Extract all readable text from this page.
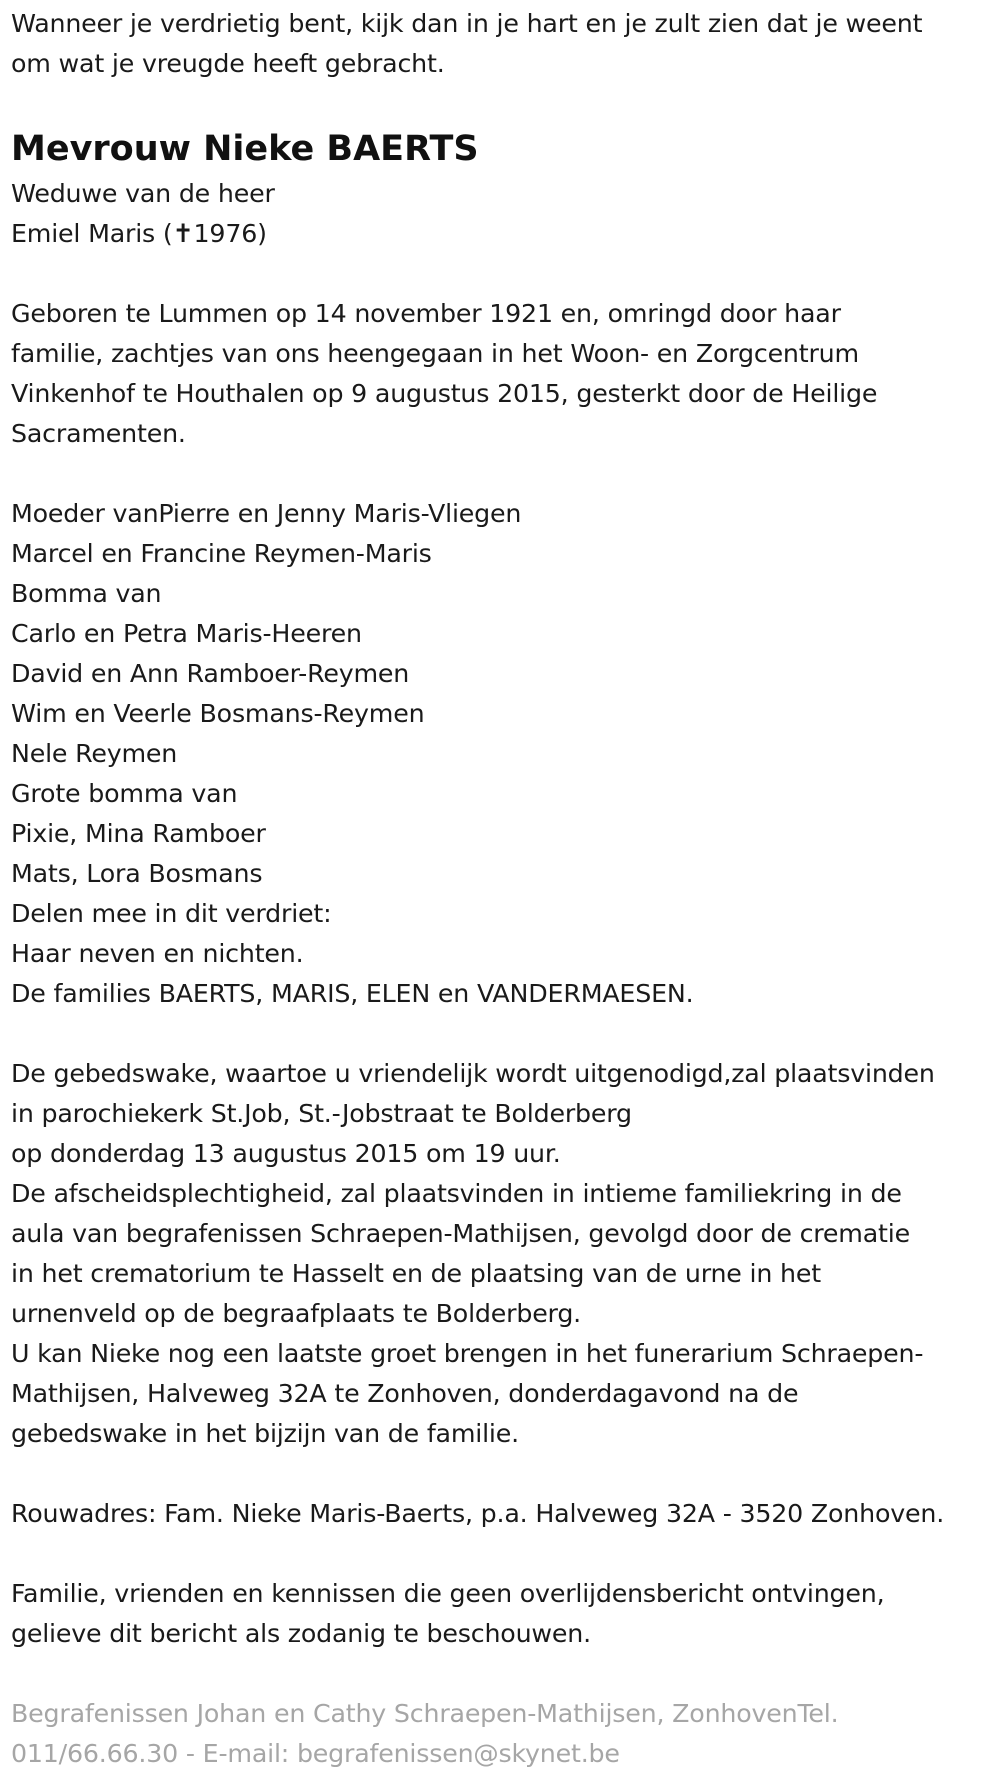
Wanneer je verdrietig bent, kijk dan in je hart en je zult zien dat je weent
om wat je vreugde heeft gebracht.
Mevrouw Nieke BAERTS
Weduwe van de heer
Emiel Maris (✝1976)
Geboren te Lummen op 14 november 1921 en, omringd door haar
familie, zachtjes van ons heengegaan in het Woon- en Zorgcentrum
Vinkenhof te Houthalen op 9 augustus 2015, gesterkt door de Heilige
Sacramenten.
Moeder vanPierre en Jenny Maris-Vliegen
Marcel en Francine Reymen-Maris
Bomma van
Carlo en Petra Maris-Heeren
David en Ann Ramboer-Reymen
Wim en Veerle Bosmans-Reymen
Nele Reymen
Grote bomma van
Pixie, Mina Ramboer
Mats, Lora Bosmans
Delen mee in dit verdriet:
Haar neven en nichten.
De families BAERTS, MARIS, ELEN en VANDERMAESEN.
De gebedswake, waartoe u vriendelijk wordt uitgenodigd,zal plaatsvinden
in parochiekerk St.Job, St.-Jobstraat te Bolderberg
op donderdag 13 augustus 2015 om 19 uur.
De afscheidsplechtigheid, zal plaatsvinden in intieme familiekring in de
aula van begrafenissen Schraepen-Mathijsen, gevolgd door de crematie
in het crematorium te Hasselt en de plaatsing van de urne in het
urnenveld op de begraafplaats te Bolderberg.
U kan Nieke nog een laatste groet brengen in het funerarium Schraepen-
Mathijsen, Halveweg 32A te Zonhoven, donderdagavond na de
gebedswake in het bijzijn van de familie.
Rouwadres: Fam. Nieke Maris-Baerts, p.a. Halveweg 32A - 3520 Zonhoven.
Familie, vrienden en kennissen die geen overlijdensbericht ontvingen,
gelieve dit bericht als zodanig te beschouwen.
Begrafenissen Johan en Cathy Schraepen-Mathijsen, ZonhovenTel.
011/66.66.30 - E-mail: begrafenissen@skynet.be
